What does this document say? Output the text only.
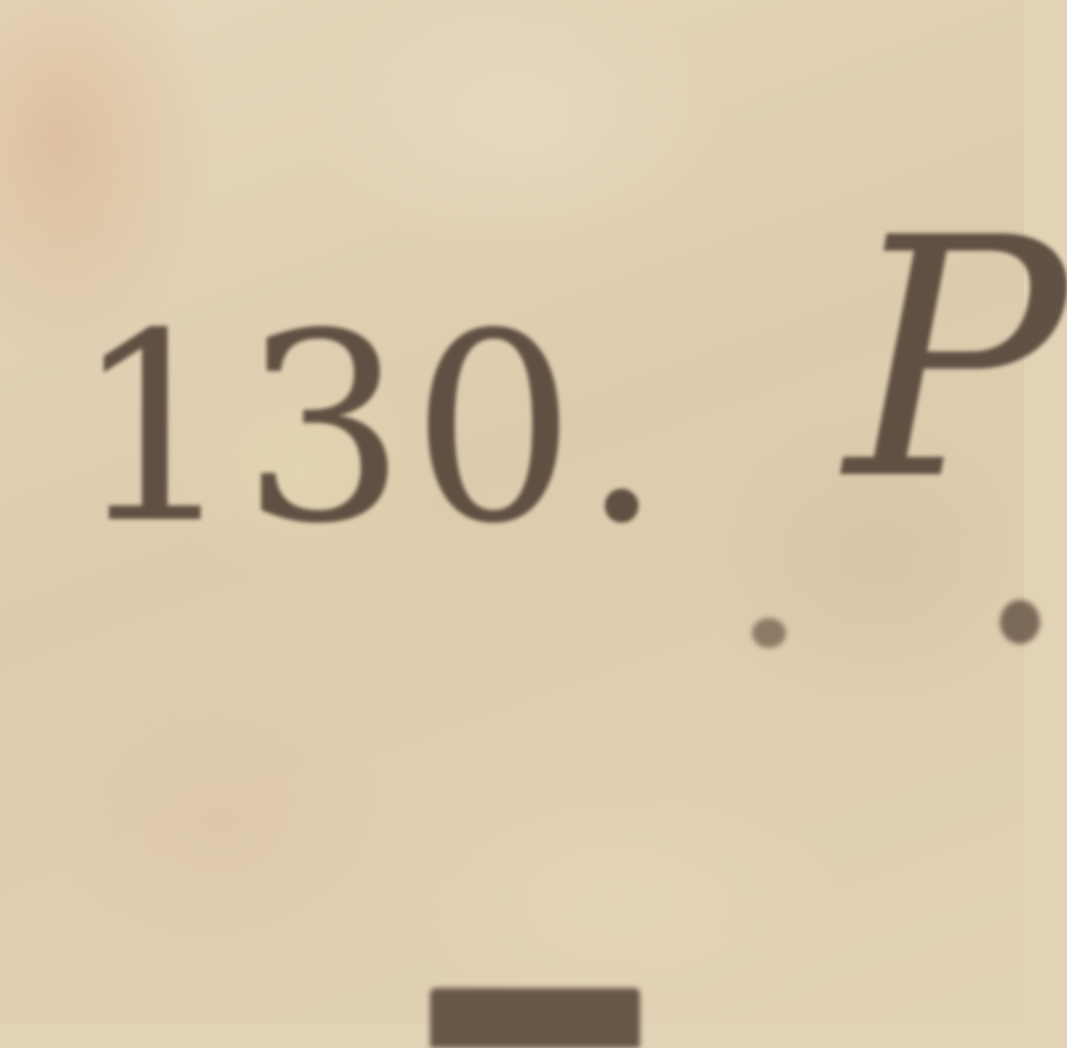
130. P
